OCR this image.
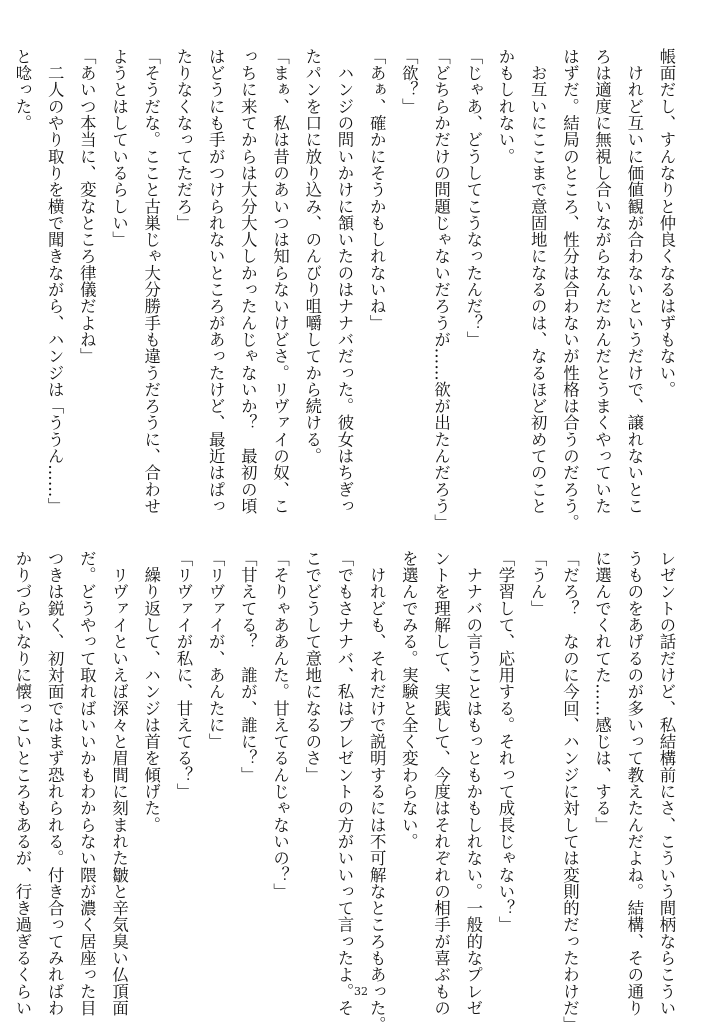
帳面だし、すんなりと仲良くなるはずもない。
　けれど互いに価値観が合わないというだけで、譲れないとこ
ろは適度に無視し合いながらなんだかんだとうまくやっていた
はずだ。結局のところ、性分は合わないが性格は合うのだろう。
　お互いにここまで意固地になるのは、なるほど初めてのこと
かもしれない。
「じゃあ、どうしてこうなったんだ？」
「どちらかだけの問題じゃないだろうが……欲が出たんだろう」
「欲？」
「あぁ、確かにそうかもしれないね」
　ハンジの問いかけに頷いたのはナナバだった。彼女はちぎっ
たパンを口に放り込み、のんびり咀嚼してから続ける。
「まぁ、私は昔のあいつは知らないけどさ。リヴァイの奴、こ
っちに来てからは大分大人しかったんじゃないか？　最初の頃
はどうにも手がつけられないところがあったけど、最近はぱっ
たりなくなってただろ」
「そうだな。ここと古巣じゃ大分勝手も違うだろうに、合わせ
ようとはしているらしい」
「あいつ本当に、変なところ律儀だよね」
　二人のやり取りを横で聞きながら、ハンジは「ううん……」
と唸った。
レゼントの話だけど、私結構前にさ、こういう間柄ならこうい
うものをあげるのが多いって教えたんだよね。結構、その通り
に選んでくれてた……感じは、する」
「だろ？　なのに今回、ハンジに対しては変則的だったわけだ」
「うん」
「学習して、応用する。それって成長じゃない？」
　ナナバの言うことはもっともかもしれない。一般的なプレゼ
ントを理解して、実践して、今度はそれぞれの相手が喜ぶもの
を選んでみる。実験と全く変わらない。
　けれども、それだけで説明するには不可解なところもあった。
「でもさナナバ、私はプレゼントの方がいいって言ったよ。そ
こでどうして意地になるのさ」
「そりゃああんた。甘えてるんじゃないの？」
「甘えてる？　誰が、誰に？」
「リヴァイが、あんたに」
「リヴァイが私に、甘えてる？」
　繰り返して、ハンジは首を傾げた。
　リヴァイといえば深々と眉間に刻まれた皺と辛気臭い仏頂面
だ。どうやって取ればいいかもわからない隈が濃く居座った目
つきは鋭く、初対面ではまず恐れられる。付き合ってみればわ
かりづらいなりに懐っこいところもあるが、行き過ぎるくらい	32
